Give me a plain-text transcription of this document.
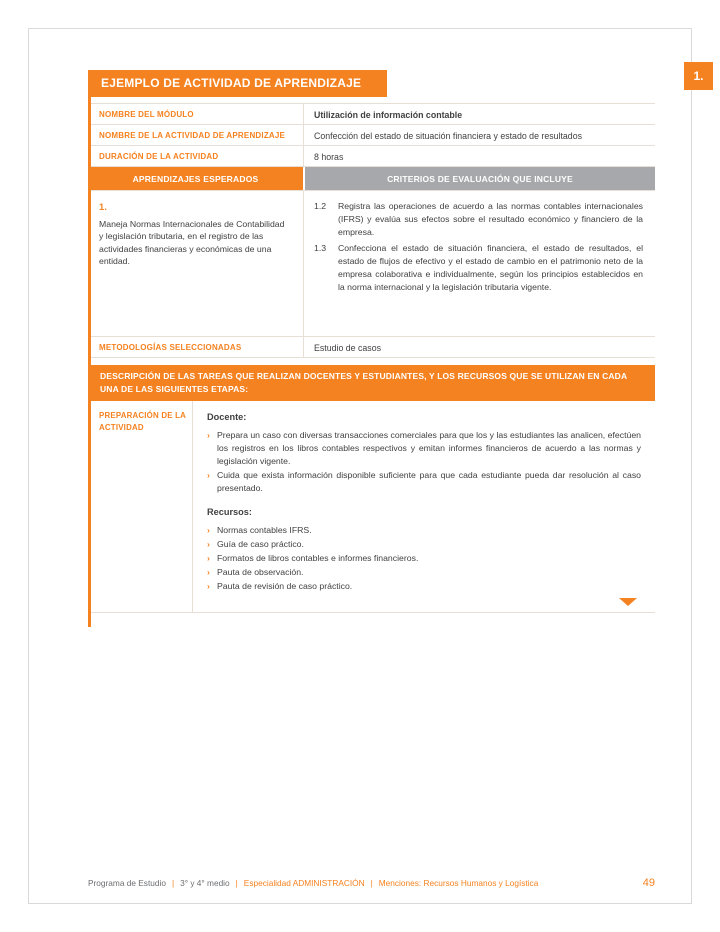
1.
EJEMPLO DE ACTIVIDAD DE APRENDIZAJE
NOMBRE DEL MÓDULO	Utilización de información contable
NOMBRE DE LA ACTIVIDAD DE APRENDIZAJE	Confección del estado de situación financiera y estado de resultados
DURACIÓN DE LA ACTIVIDAD	8 horas
APRENDIZAJES ESPERADOS	CRITERIOS DE EVALUACIÓN QUE INCLUYE
1.
Maneja Normas Internacionales de Contabilidad y legislación tributaria, en el registro de las actividades financieras y económicas de una entidad.
1.2	Registra las operaciones de acuerdo a las normas contables internacionales (IFRS) y evalúa sus efectos sobre el resultado económico y financiero de la empresa.
1.3	Confecciona el estado de situación financiera, el estado de resultados, el estado de flujos de efectivo y el estado de cambio en el patrimonio neto de la empresa colaborativa e individualmente, según los principios establecidos en la norma internacional y la legislación tributaria vigente.
METODOLOGÍAS SELECCIONADAS	Estudio de casos
DESCRIPCIÓN DE LAS TAREAS QUE REALIZAN DOCENTES Y ESTUDIANTES, Y LOS RECURSOS QUE SE UTILIZAN EN CADA UNA DE LAS SIGUIENTES ETAPAS:
PREPARACIÓN DE LA ACTIVIDAD
Docente:
› Prepara un caso con diversas transacciones comerciales para que los y las estudiantes las analicen, efectúen los registros en los libros contables respectivos y emitan informes financieros de acuerdo a las normas y legislación vigente.
› Cuida que exista información disponible suficiente para que cada estudiante pueda dar resolución al caso presentado.
Recursos:
› Normas contables IFRS.
› Guía de caso práctico.
› Formatos de libros contables e informes financieros.
› Pauta de observación.
› Pauta de revisión de caso práctico.
Programa de Estudio | 3° y 4° medio | Especialidad ADMINISTRACIÓN | Menciones: Recursos Humanos y Logística	49
